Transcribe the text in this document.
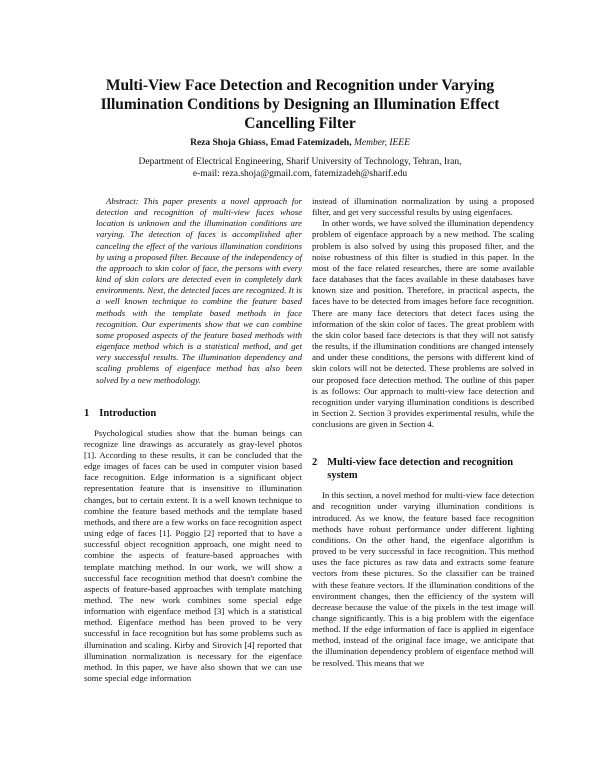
Multi-View Face Detection and Recognition under Varying Illumination Conditions by Designing an Illumination Effect Cancelling Filter
Reza Shoja Ghiass, Emad Fatemizadeh, Member, IEEE
Department of Electrical Engineering, Sharif University of Technology, Tehran, Iran,
e-mail: reza.shoja@gmail.com, fatemizadeh@sharif.edu
Abstract: This paper presents a novel approach for detection and recognition of multi-view faces whose location is unknown and the illumination conditions are varying. The detection of faces is accomplished after canceling the effect of the various illumination conditions by using a proposed filter. Because of the independency of the approach to skin color of face, the persons with every kind of skin colors are detected even in completely dark environments. Next, the detected faces are recognized. It is a well known technique to combine the feature based methods with the template based methods in face recognition. Our experiments show that we can combine some proposed aspects of the feature based methods with eigenface method which is a statistical method, and get very successful results. The illumination dependency and scaling problems of eigenface method has also been solved by a new methodology.
1 Introduction

Psychological studies show that the human beings can recognize line drawings as accurately as gray-level photos [1]. According to these results, it can be concluded that the edge images of faces can be used in computer vision based face recognition. Edge information is a significant object representation feature that is insensitive to illumination changes, but to certain extent. It is a well known technique to combine the feature based methods and the template based methods, and there are a few works on face recognition aspect using edge of faces [1]. Poggio [2] reported that to have a successful object recognition approach, one might need to combine the aspects of feature-based approaches with template matching method. In our work, we will show a successful face recognition method that doesn't combine the aspects of feature-based approaches with template matching method. The new work combines some special edge information with eigenface method [3] which is a statistical method. Eigenface method has been proved to be very successful in face recognition but has some problems such as illumination and scaling. Kirby and Sirovich [4] reported that illumination normalization is necessary for the eigenface method. In this paper, we have also shown that we can use some special edge information

instead of illumination normalization by using a proposed filter, and get very successful results by using eigenfaces.

In other words, we have solved the illumination dependency problem of eigenface approach by a new method. The scaling problem is also solved by using this proposed filter, and the noise robustness of this filter is studied in this paper. In the most of the face related researches, there are some available face databases that the faces available in these databases have known size and position. Therefore, in practical aspects, the faces have to be detected from images before face recognition. There are many face detectors that detect faces using the information of the skin color of faces. The great problem with the skin color based face detectors is that they will not satisfy the results, if the illumination conditions are changed intensely and under these conditions, the persons with different kind of skin colors will not be detected. These problems are solved in our proposed face detection method. The outline of this paper is as follows: Our approach to multi-view face detection and recognition under varying illumination conditions is described in Section 2. Section 3 provides experimental results, while the conclusions are given in Section 4.

2 Multi-view face detection and recognition system

In this section, a novel method for multi-view face detection and recognition under varying illumination conditions is introduced. As we know, the feature based face recognition methods have robust performance under different lighting conditions. On the other hand, the eigenface algorithm is proved to be very successful in face recognition. This method uses the face pictures as raw data and extracts some feature vectors from these pictures. So the classifier can be trained with these feature vectors. If the illumination conditions of the environment changes, then the efficiency of the system will decrease because the value of the pixels in the test image will change significantly. This is a big problem with the eigenface method. If the edge information of face is applied in eigenface method, instead of the original face image, we anticipate that the illumination dependency problem of eigenface method will be resolved. This means that we
